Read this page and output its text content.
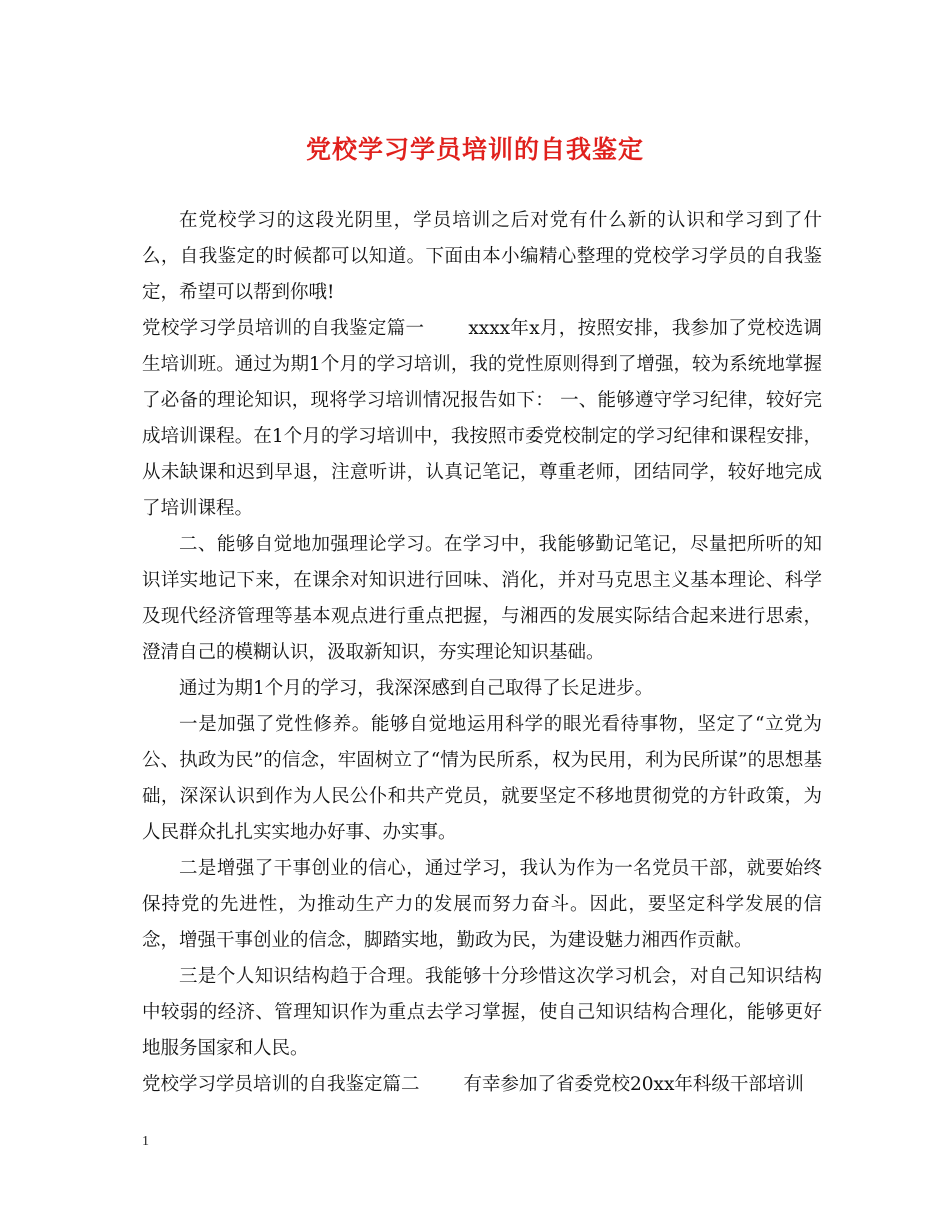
党校学习学员培训的自我鉴定

在党校学习的这段光阴里，学员培训之后对党有什么新的认识和学习到了什么，自我鉴定的时候都可以知道。下面由本小编精心整理的党校学习学员的自我鉴定，希望可以帮到你哦!

党校学习学员培训的自我鉴定篇一 xxxx年x月，按照安排，我参加了党校选调生培训班。通过为期1个月的学习培训，我的党性原则得到了增强，较为系统地掌握了必备的理论知识，现将学习培训情况报告如下： 一、能够遵守学习纪律，较好完成培训课程。在1个月的学习培训中，我按照市委党校制定的学习纪律和课程安排，从未缺课和迟到早退，注意听讲，认真记笔记，尊重老师，团结同学，较好地完成了培训课程。

二、能够自觉地加强理论学习。在学习中，我能够勤记笔记，尽量把所听的知识详实地记下来，在课余对知识进行回味、消化，并对马克思主义基本理论、科学及现代经济管理等基本观点进行重点把握，与湘西的发展实际结合起来进行思索，澄清自己的模糊认识，汲取新知识，夯实理论知识基础。

通过为期1个月的学习，我深深感到自己取得了长足进步。

一是加强了党性修养。能够自觉地运用科学的眼光看待事物，坚定了“立党为公、执政为民”的信念，牢固树立了“情为民所系，权为民用，利为民所谋”的思想基础，深深认识到作为人民公仆和共产党员，就要坚定不移地贯彻党的方针政策，为人民群众扎扎实实地办好事、办实事。

二是增强了干事创业的信心，通过学习，我认为作为一名党员干部，就要始终保持党的先进性，为推动生产力的发展而努力奋斗。因此，要坚定科学发展的信念，增强干事创业的信念，脚踏实地，勤政为民，为建设魅力湘西作贡献。

三是个人知识结构趋于合理。我能够十分珍惜这次学习机会，对自己知识结构中较弱的经济、管理知识作为重点去学习掌握，使自己知识结构合理化，能够更好地服务国家和人民。

党校学习学员培训的自我鉴定篇二 有幸参加了省委党校20xx年科级干部培训

1
